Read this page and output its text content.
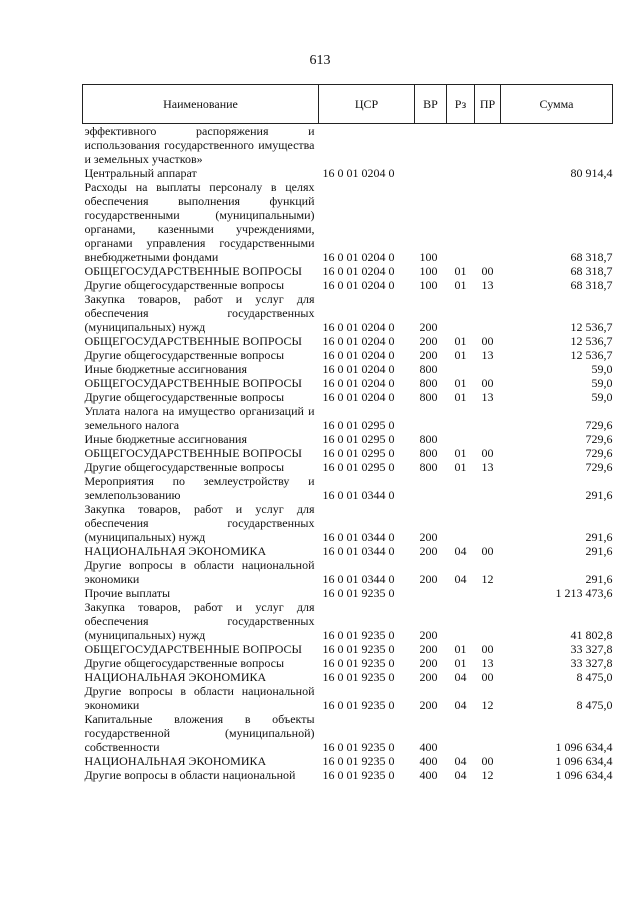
613
Наименование	ЦСР	ВР	Рз	ПР	Сумма
эффективного распоряжения и использования государственного имущества и земельных участков»					
Центральный аппарат	16 0 01 0204 0				80 914,4
Расходы на выплаты персоналу в целях обеспечения выполнения функций государственными (муниципальными) органами, казенными учреждениями, органами управления государственными внебюджетными фондами	16 0 01 0204 0	100			68 318,7
ОБЩЕГОСУДАРСТВЕННЫЕ ВОПРОСЫ	16 0 01 0204 0	100	01	00	68 318,7
Другие общегосударственные вопросы	16 0 01 0204 0	100	01	13	68 318,7
Закупка товаров, работ и услуг для обеспечения государственных (муниципальных) нужд	16 0 01 0204 0	200			12 536,7
ОБЩЕГОСУДАРСТВЕННЫЕ ВОПРОСЫ	16 0 01 0204 0	200	01	00	12 536,7
Другие общегосударственные вопросы	16 0 01 0204 0	200	01	13	12 536,7
Иные бюджетные ассигнования	16 0 01 0204 0	800			59,0
ОБЩЕГОСУДАРСТВЕННЫЕ ВОПРОСЫ	16 0 01 0204 0	800	01	00	59,0
Другие общегосударственные вопросы	16 0 01 0204 0	800	01	13	59,0
Уплата налога на имущество организаций и земельного налога	16 0 01 0295 0				729,6
Иные бюджетные ассигнования	16 0 01 0295 0	800			729,6
ОБЩЕГОСУДАРСТВЕННЫЕ ВОПРОСЫ	16 0 01 0295 0	800	01	00	729,6
Другие общегосударственные вопросы	16 0 01 0295 0	800	01	13	729,6
Мероприятия по землеустройству и землепользованию	16 0 01 0344 0				291,6
Закупка товаров, работ и услуг для обеспечения государственных (муниципальных) нужд	16 0 01 0344 0	200			291,6
НАЦИОНАЛЬНАЯ ЭКОНОМИКА	16 0 01 0344 0	200	04	00	291,6
Другие вопросы в области национальной экономики	16 0 01 0344 0	200	04	12	291,6
Прочие выплаты	16 0 01 9235 0				1 213 473,6
Закупка товаров, работ и услуг для обеспечения государственных (муниципальных) нужд	16 0 01 9235 0	200			41 802,8
ОБЩЕГОСУДАРСТВЕННЫЕ ВОПРОСЫ	16 0 01 9235 0	200	01	00	33 327,8
Другие общегосударственные вопросы	16 0 01 9235 0	200	01	13	33 327,8
НАЦИОНАЛЬНАЯ ЭКОНОМИКА	16 0 01 9235 0	200	04	00	8 475,0
Другие вопросы в области национальной экономики	16 0 01 9235 0	200	04	12	8 475,0
Капитальные вложения в объекты государственной (муниципальной) собственности	16 0 01 9235 0	400			1 096 634,4
НАЦИОНАЛЬНАЯ ЭКОНОМИКА	16 0 01 9235 0	400	04	00	1 096 634,4
Другие вопросы в области национальной	16 0 01 9235 0	400	04	12	1 096 634,4
